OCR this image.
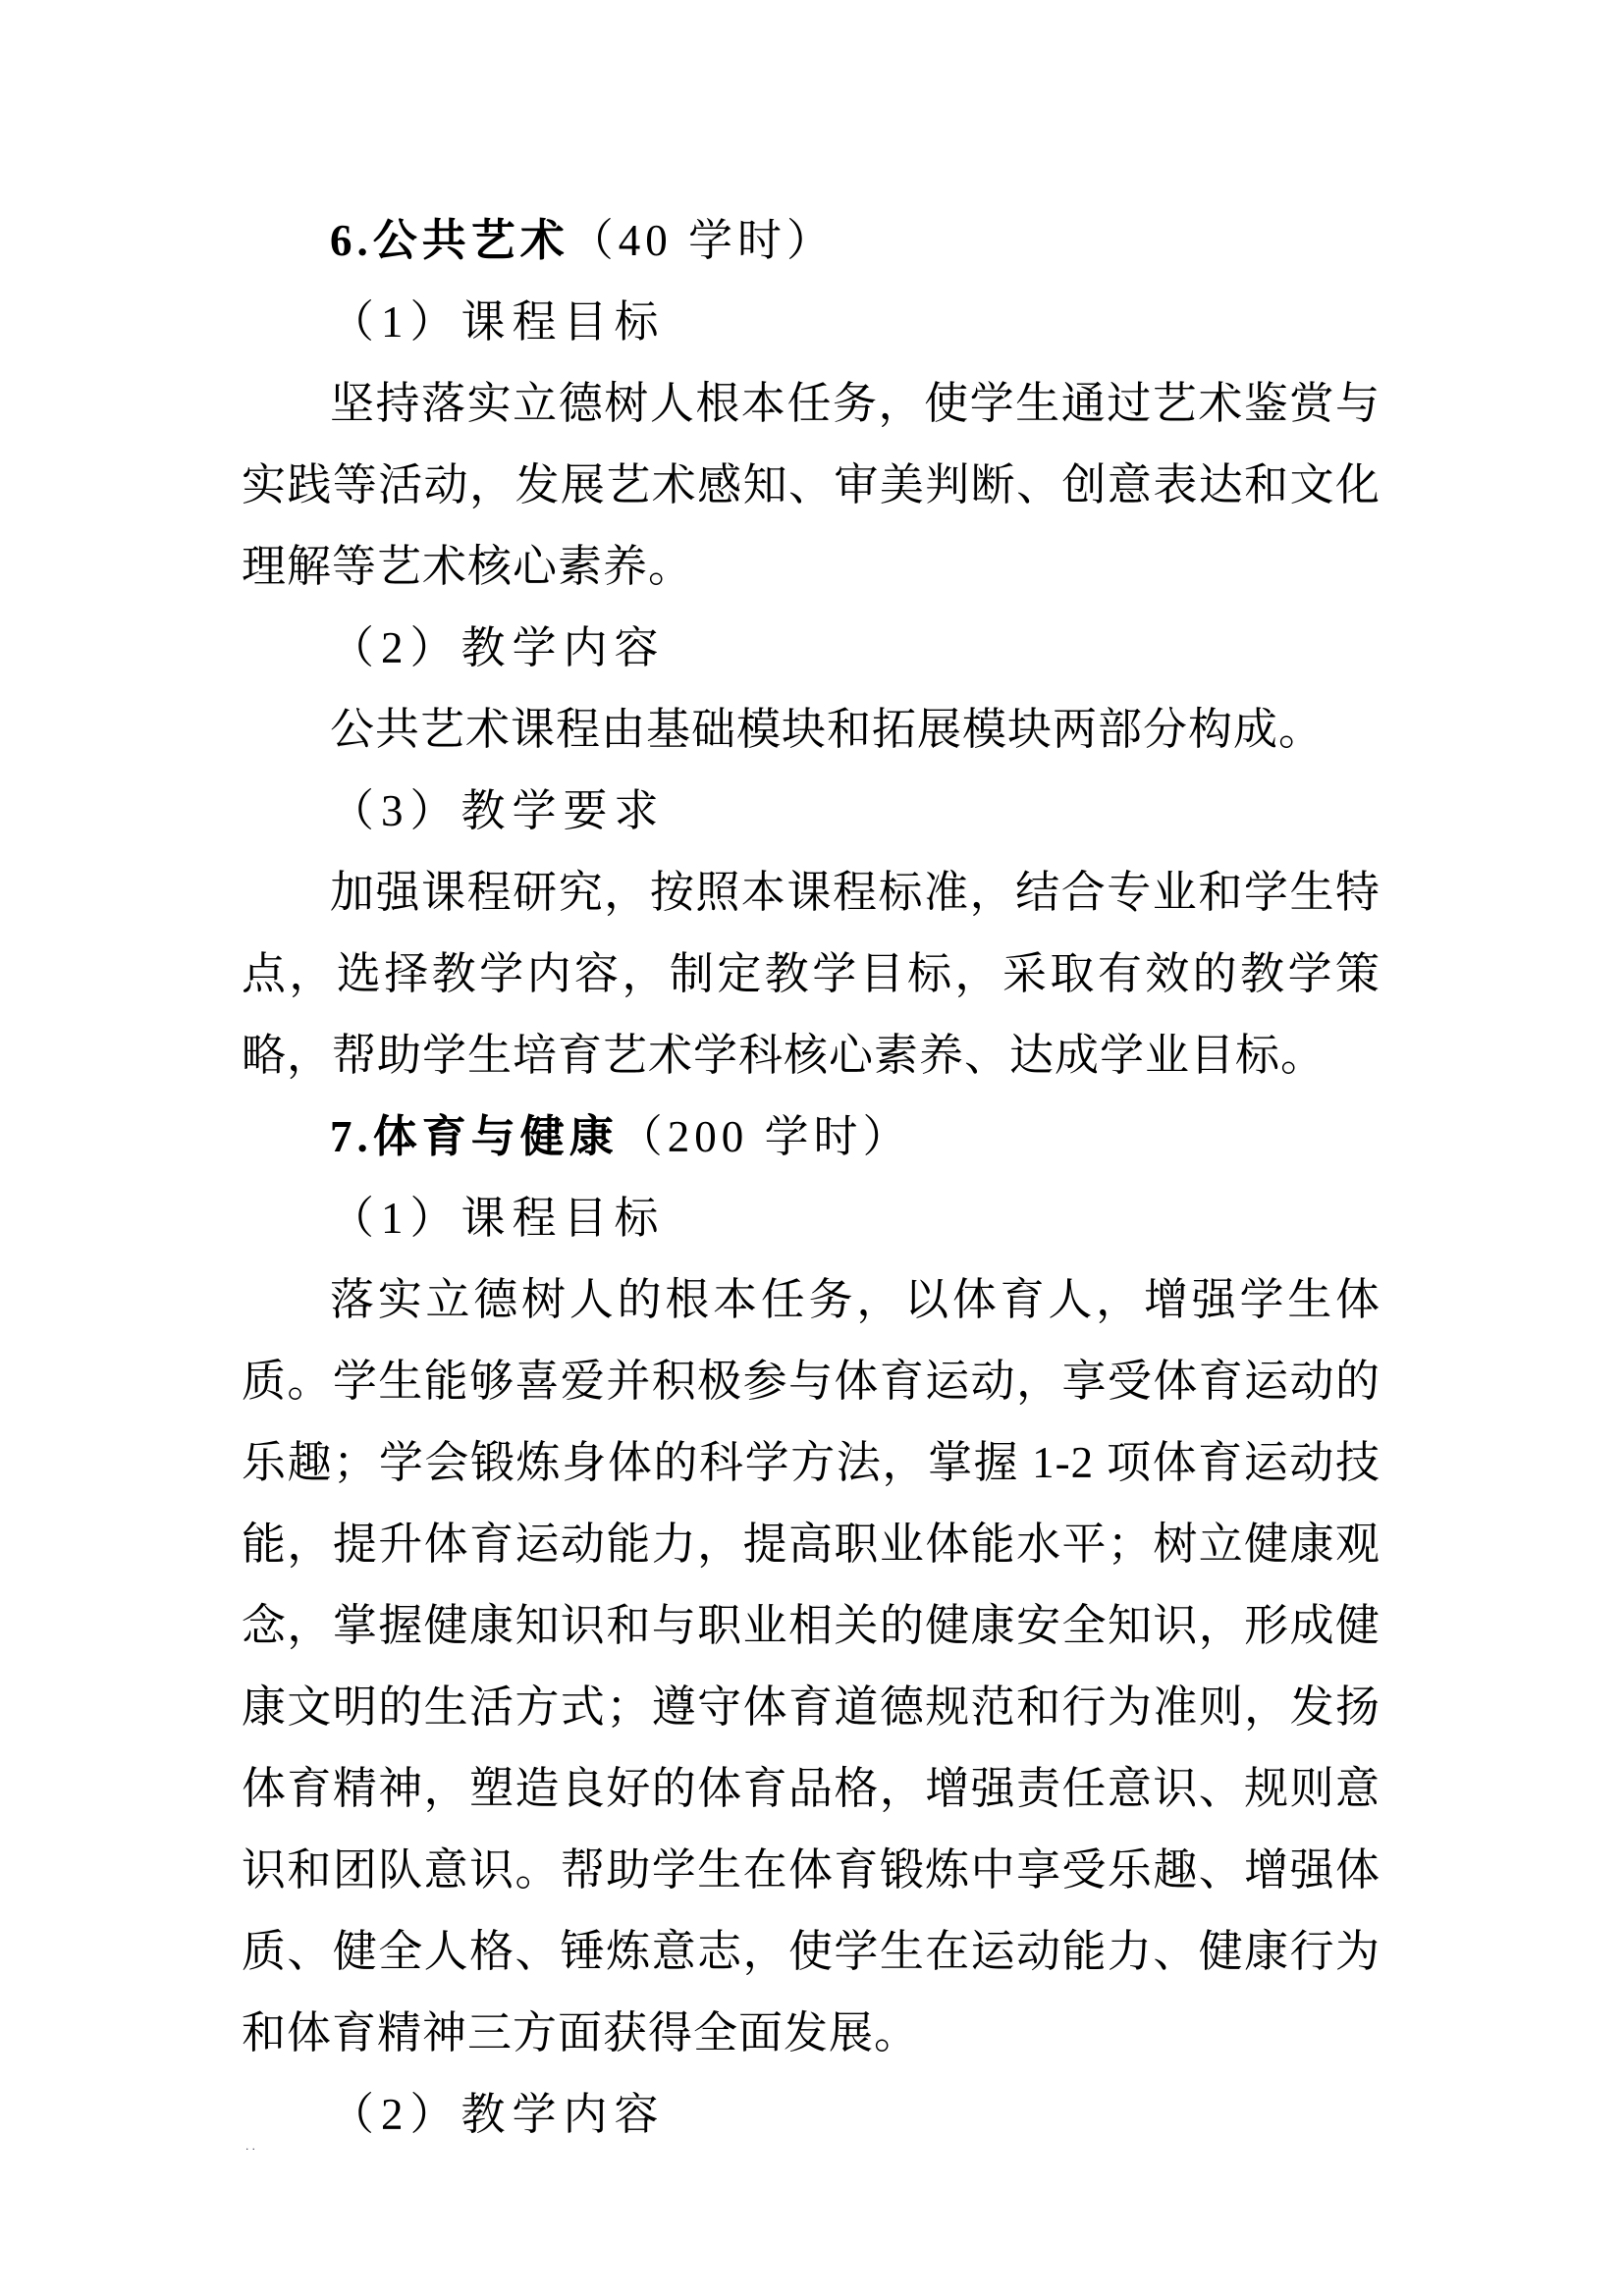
6.公共艺术（40 学时）

（1）课程目标

坚持落实立德树人根本任务，使学生通过艺术鉴赏与实践等活动，发展艺术感知、审美判断、创意表达和文化理解等艺术核心素养。

（2）教学内容

公共艺术课程由基础模块和拓展模块两部分构成。

（3）教学要求

加强课程研究，按照本课程标准，结合专业和学生特点，选择教学内容，制定教学目标，采取有效的教学策略，帮助学生培育艺术学科核心素养、达成学业目标。

7.体育与健康（200 学时）

（1）课程目标

落实立德树人的根本任务，以体育人，增强学生体质。学生能够喜爱并积极参与体育运动，享受体育运动的乐趣；学会锻炼身体的科学方法，掌握 1-2 项体育运动技能，提升体育运动能力，提高职业体能水平；树立健康观念，掌握健康知识和与职业相关的健康安全知识，形成健康文明的生活方式；遵守体育道德规范和行为准则，发扬体育精神，塑造良好的体育品格，增强责任意识、规则意识和团队意识。帮助学生在体育锻炼中享受乐趣、增强体质、健全人格、锤炼意志，使学生在运动能力、健康行为和体育精神三方面获得全面发展。

（2）教学内容

··
